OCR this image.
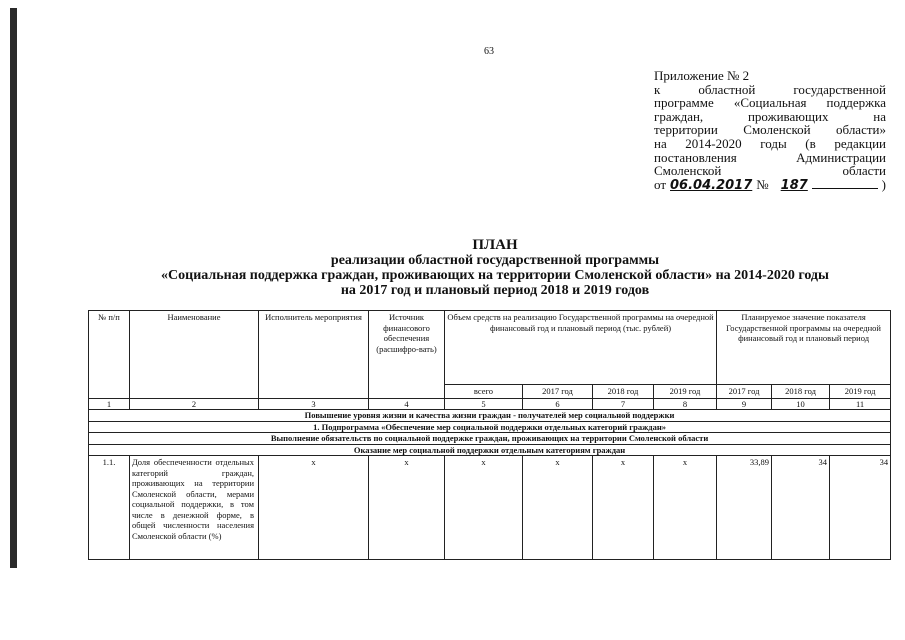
63
Приложение № 2
к областной государственной
программе «Социальная поддержка
граждан, проживающих на
территории Смоленской области»
на 2014-2020 годы (в редакции
постановления Администрации
Смоленской области
от 06.04.2017 № 187	)
ПЛАН
реализации областной государственной программы
«Социальная поддержка граждан, проживающих на территории Смоленской области» на 2014-2020 годы
на 2017 год и плановый период 2018 и 2019 годов
№ п/п	Наименование	Исполнитель мероприятия	Источник финансового обеспечения (расшифро-вать)	Объем средств на реализацию Государственной программы на очередной финансовый год и плановый период (тыс. рублей)				Планируемое значение показателя Государственной программы на очередной финансовый год и плановый период		
				всего	2017 год	2018 год	2019 год	2017 год	2018 год	2019 год
1	2	3	4	5	6	7	8	9	10	11
Повышение уровня жизни и качества жизни граждан - получателей мер социальной поддержки										
1. Подпрограмма «Обеспечение мер социальной поддержки отдельных категорий граждан»										
Выполнение обязательств по социальной поддержке граждан, проживающих на территории Смоленской области										
Оказание мер социальной поддержки отдельным категориям граждан										
1.1.	Доля обеспеченности отдельных категорий граждан, проживающих на территории Смоленской области, мерами социальной поддержки, в том числе в денежной форме, в общей численности населения Смоленской области (%)	х	х	х	х	х	х	33,89	34	34
